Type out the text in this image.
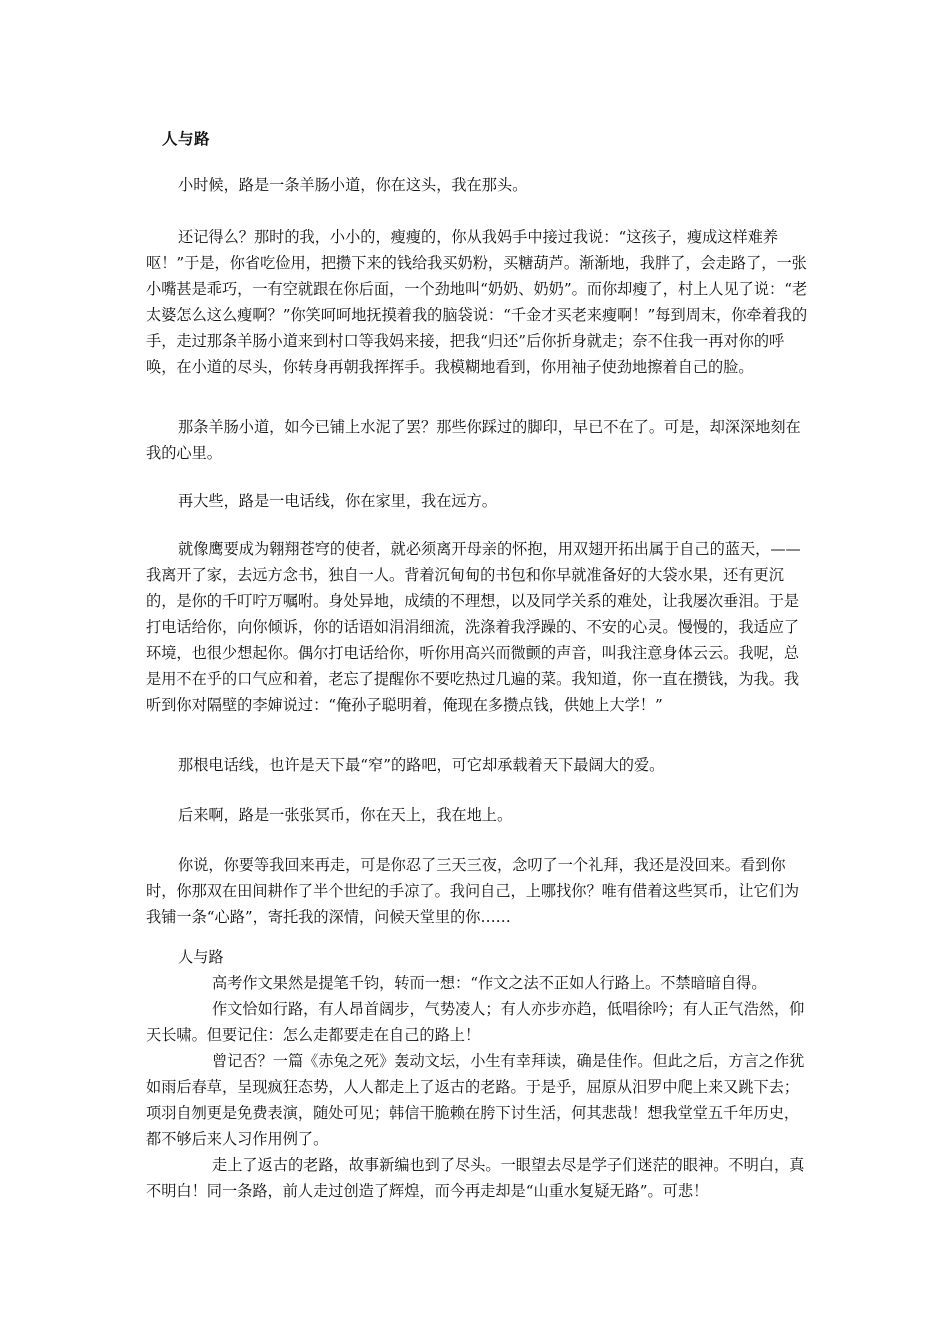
人与路

小时候，路是一条羊肠小道，你在这头，我在那头。

还记得么？那时的我，小小的，瘦瘦的，你从我妈手中接过我说：“这孩子，瘦成这样难养呕！”于是，你省吃俭用，把攒下来的钱给我买奶粉，买糖葫芦。渐渐地，我胖了，会走路了，一张小嘴甚是乖巧，一有空就跟在你后面，一个劲地叫“奶奶、奶奶”。而你却瘦了，村上人见了说：“老太婆怎么这么瘦啊？”你笑呵呵地抚摸着我的脑袋说：“千金才买老来瘦啊！”每到周末，你牵着我的手，走过那条羊肠小道来到村口等我妈来接，把我“归还”后你折身就走；奈不住我一再对你的呼唤，在小道的尽头，你转身再朝我挥挥手。我模糊地看到，你用袖子使劲地擦着自己的脸。

那条羊肠小道，如今已铺上水泥了罢？那些你踩过的脚印，早已不在了。可是，却深深地刻在我的心里。

再大些，路是一电话线，你在家里，我在远方。

就像鹰要成为翱翔苍穹的使者，就必须离开母亲的怀抱，用双翅开拓出属于自己的蓝天，——我离开了家，去远方念书，独自一人。背着沉甸甸的书包和你早就准备好的大袋水果，还有更沉的，是你的千叮咛万嘱咐。身处异地，成绩的不理想，以及同学关系的难处，让我屡次垂泪。于是打电话给你，向你倾诉，你的话语如涓涓细流，洗涤着我浮躁的、不安的心灵。慢慢的，我适应了环境，也很少想起你。偶尔打电话给你，听你用高兴而微颤的声音，叫我注意身体云云。我呢，总是用不在乎的口气应和着，老忘了提醒你不要吃热过几遍的菜。我知道，你一直在攒钱，为我。我听到你对隔壁的李婶说过：“俺孙子聪明着，俺现在多攒点钱，供她上大学！”

那根电话线，也许是天下最“窄”的路吧，可它却承载着天下最阔大的爱。

后来啊，路是一张张冥币，你在天上，我在地上。

你说，你要等我回来再走，可是你忍了三天三夜，念叨了一个礼拜，我还是没回来。看到你时，你那双在田间耕作了半个世纪的手凉了。我问自己，上哪找你？唯有借着这些冥币，让它们为我铺一条“心路”，寄托我的深情，问候天堂里的你……

人与路

高考作文果然是提笔千钧，转而一想：“作文之法不正如人行路上。不禁暗暗自得。

作文恰如行路，有人昂首阔步，气势凌人；有人亦步亦趋，低唱徐吟；有人正气浩然，仰天长啸。但要记住：怎么走都要走在自己的路上！

曾记否？一篇《赤兔之死》轰动文坛，小生有幸拜读，确是佳作。但此之后，方言之作犹如雨后春草，呈现疯狂态势，人人都走上了返古的老路。于是乎，屈原从汨罗中爬上来又跳下去；项羽自刎更是免费表演，随处可见；韩信干脆赖在胯下讨生活，何其悲哉！想我堂堂五千年历史，都不够后来人习作用例了。

走上了返古的老路，故事新编也到了尽头。一眼望去尽是学子们迷茫的眼神。不明白，真不明白！同一条路，前人走过创造了辉煌，而今再走却是“山重水复疑无路”。可悲！
